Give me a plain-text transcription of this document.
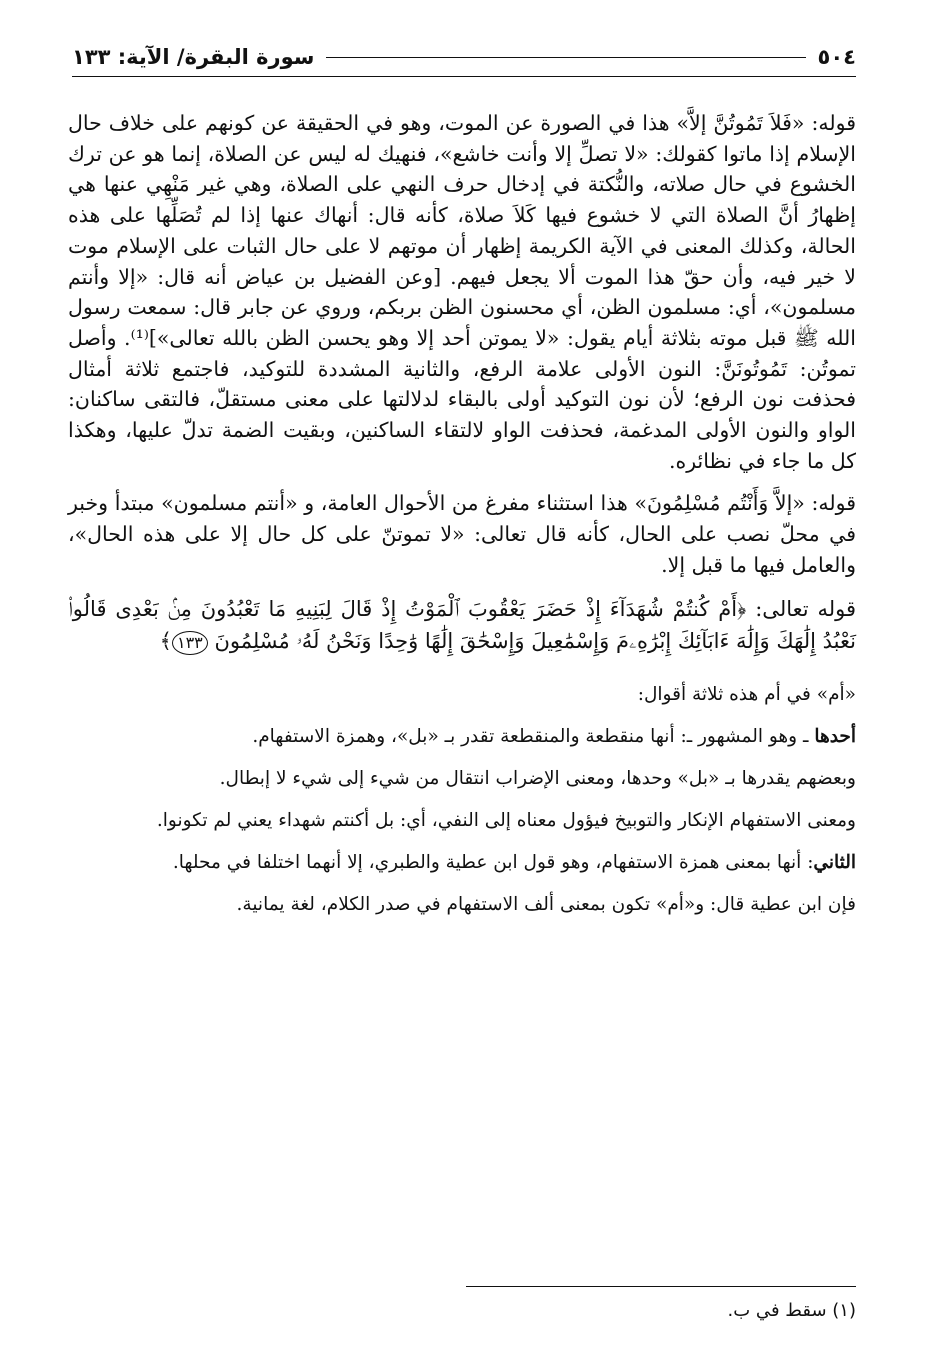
٥٠٤
سورة البقرة/ الآية: ١٣٣

قوله: «فَلاَ تَمُوتُنَّ إلاَّ» هذا في الصورة عن الموت، وهو في الحقيقة عن كونهم على خلاف حال الإسلام إذا ماتوا كقولك: «لا تصلِّ إلا وأنت خاشع»، فنهيك له ليس عن الصلاة، إنما هو عن ترك الخشوع في حال صلاته، والنُّكتة في إدخال حرف النهي على الصلاة، وهي غير مَنْهِي عنها هي إظهارُ أنَّ الصلاة التي لا خشوع فيها كَلاَ صلاة، كأنه قال: أنهاك عنها إذا لم تُصَلِّها على هذه الحالة، وكذلك المعنى في الآية الكريمة إظهار أن موتهم لا على حال الثبات على الإسلام موت لا خير فيه، وأن حقّ هذا الموت ألا يجعل فيهم. [وعن الفضيل بن عياض أنه قال: «إلا وأنتم مسلمون»، أي: مسلمون الظن، أي محسنون الظن بربكم، وروي عن جابر قال: سمعت رسول الله ﷺ قبل موته بثلاثة أيام يقول: «لا يموتن أحد إلا وهو يحسن الظن بالله تعالى»]⁽¹⁾. وأصل تموتُن: تَمُوتُونَنَّ: النون الأولى علامة الرفع، والثانية المشددة للتوكيد، فاجتمع ثلاثة أمثال فحذفت نون الرفع؛ لأن نون التوكيد أولى بالبقاء لدلالتها على معنى مستقلّ، فالتقى ساكنان: الواو والنون الأولى المدغمة، فحذفت الواو لالتقاء الساكنين، وبقيت الضمة تدلّ عليها، وهكذا كل ما جاء في نظائره.

قوله: «إلاَّ وَأَنْتُم مُسْلِمُونَ» هذا استثناء مفرغ من الأحوال العامة، و «أنتم مسلمون» مبتدأ وخبر في محلّ نصب على الحال، كأنه قال تعالى: «لا تموتنّ على كل حال إلا على هذه الحال»، والعامل فيها ما قبل إلا.

قوله تعالى: ﴿أَمْ كُنتُمْ شُهَدَآءَ إِذْ حَضَرَ يَعْقُوبَ ٱلْمَوْتُ إِذْ قَالَ لِبَنِيهِ مَا تَعْبُدُونَ مِنۢ بَعْدِى قَالُوا۟ نَعْبُدُ إِلَٰهَكَ وَإِلَٰهَ ءَابَآئِكَ إِبْرَٰهِۦمَ وَإِسْمَٰعِيلَ وَإِسْحَٰقَ إِلَٰهًا وَٰحِدًا وَنَحْنُ لَهُۥ مُسْلِمُونَ ١٣٣﴾

«أم» في أم هذه ثلاثة أقوال:

أحدها ـ وهو المشهور ـ: أنها منقطعة والمنقطعة تقدر بـ «بل»، وهمزة الاستفهام.

وبعضهم يقدرها بـ «بل» وحدها، ومعنى الإضراب انتقال من شيء إلى شيء لا إبطال.

ومعنى الاستفهام الإنكار والتوبيخ فيؤول معناه إلى النفي، أي: بل أكنتم شهداء يعني لم تكونوا.

الثاني: أنها بمعنى همزة الاستفهام، وهو قول ابن عطية والطبري، إلا أنهما اختلفا في محلها.

فإن ابن عطية قال: و«أم» تكون بمعنى ألف الاستفهام في صدر الكلام، لغة يمانية.

(١) سقط في ب.
